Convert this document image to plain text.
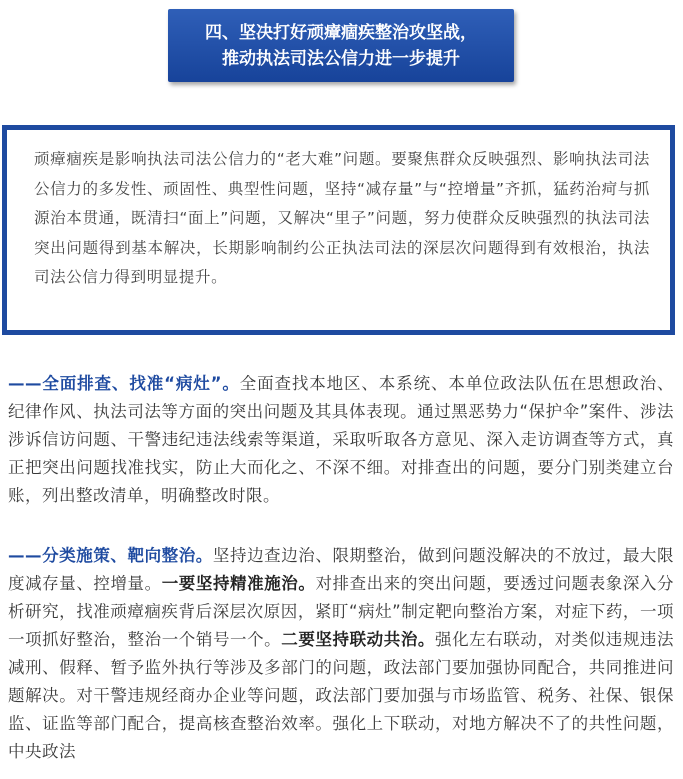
四、坚决打好顽瘴痼疾整治攻坚战，
推动执法司法公信力进一步提升
顽瘴痼疾是影响执法司法公信力的“老大难”问题。要聚焦群众反映强烈、影响执法司法公信力的多发性、顽固性、典型性问题，坚持“减存量”与“控增量”齐抓，猛药治疴与抓源治本贯通，既清扫“面上”问题，又解决“里子”问题，努力使群众反映强烈的执法司法突出问题得到基本解决，长期影响制约公正执法司法的深层次问题得到有效根治，执法司法公信力得到明显提升。
——全面排查、找准“病灶”。全面查找本地区、本系统、本单位政法队伍在思想政治、纪律作风、执法司法等方面的突出问题及其具体表现。通过黑恶势力“保护伞”案件、涉法涉诉信访问题、干警违纪违法线索等渠道，采取听取各方意见、深入走访调查等方式，真正把突出问题找准找实，防止大而化之、不深不细。对排查出的问题，要分门别类建立台账，列出整改清单，明确整改时限。
——分类施策、靶向整治。坚持边查边治、限期整治，做到问题没解决的不放过，最大限度减存量、控增量。一要坚持精准施治。对排查出来的突出问题，要透过问题表象深入分析研究，找准顽瘴痼疾背后深层次原因，紧盯“病灶”制定靶向整治方案，对症下药，一项一项抓好整治，整治一个销号一个。二要坚持联动共治。强化左右联动，对类似违规违法减刑、假释、暂予监外执行等涉及多部门的问题，政法部门要加强协同配合，共同推进问题解决。对干警违规经商办企业等问题，政法部门要加强与市场监管、税务、社保、银保监、证监等部门配合，提高核查整治效率。强化上下联动，对地方解决不了的共性问题，中央政法
